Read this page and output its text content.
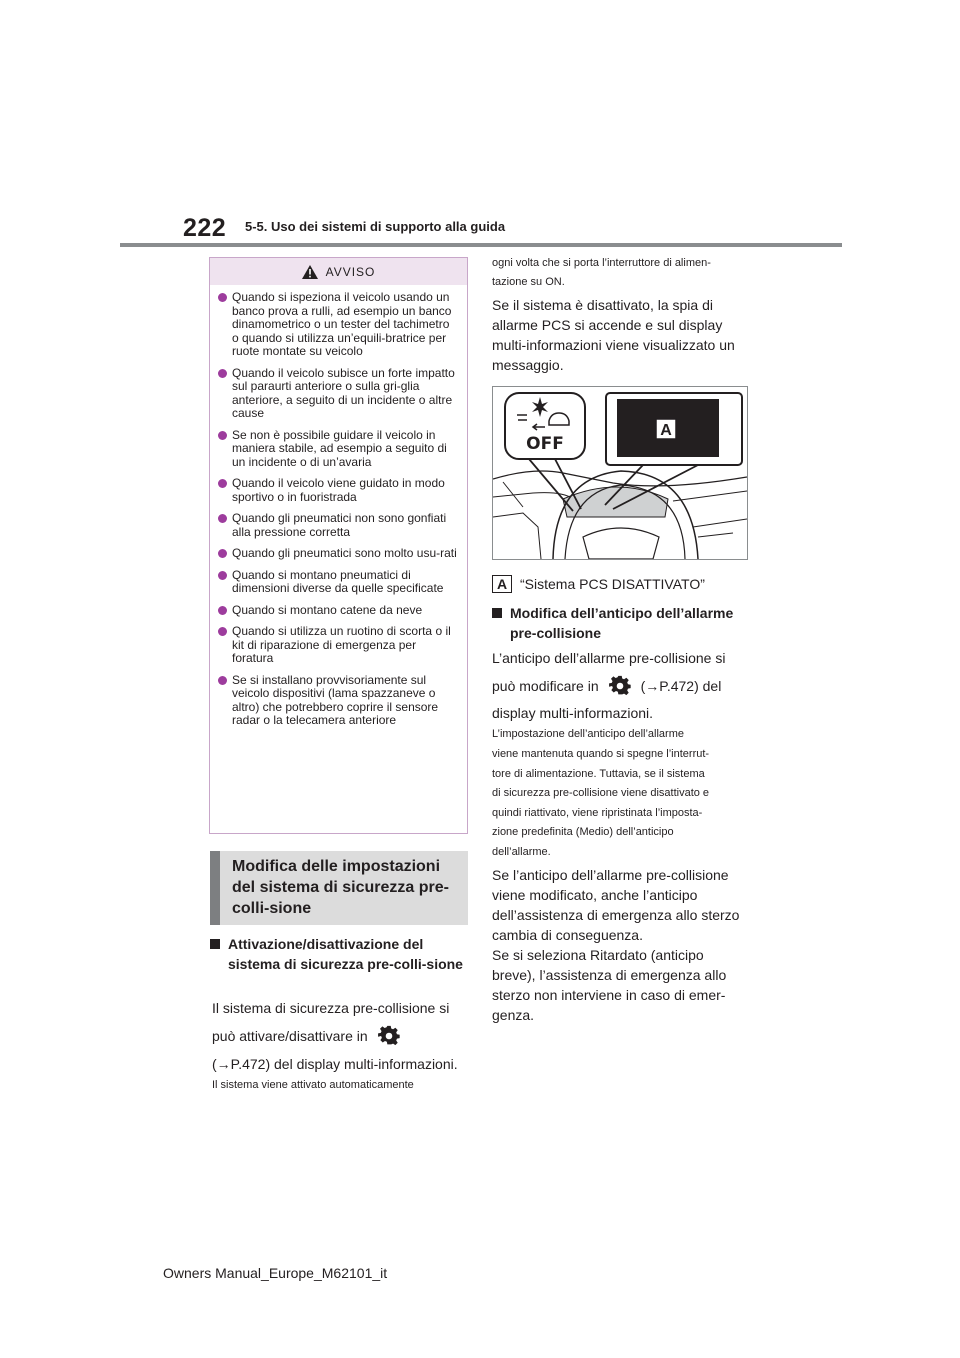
222 5-5. Uso dei sistemi di supporto alla guida
AVVISO
Quando si ispeziona il veicolo usando un banco prova a rulli, ad esempio un banco dinamometrico o un tester del tachimetro o quando si utilizza un’equili-bratrice per ruote montate su veicolo
Quando il veicolo subisce un forte impatto sul paraurti anteriore o sulla gri-glia anteriore, a seguito di un incidente o altre cause
Se non è possibile guidare il veicolo in maniera stabile, ad esempio a seguito di un incidente o di un’avaria
Quando il veicolo viene guidato in modo sportivo o in fuoristrada
Quando gli pneumatici non sono gonfiati alla pressione corretta
Quando gli pneumatici sono molto usu-rati
Quando si montano pneumatici di dimensioni diverse da quelle specificate
Quando si montano catene da neve
Quando si utilizza un ruotino di scorta o il kit di riparazione di emergenza per foratura
Se si installano provvisoriamente sul veicolo dispositivi (lama spazzaneve o altro) che potrebbero coprire il sensore radar o la telecamera anteriore
Modifica delle impostazioni del sistema di sicurezza pre-colli-sione
Attivazione/disattivazione del sistema di sicurezza pre-colli-sione
Il sistema di sicurezza pre-collisione si
può attivare/disattivare in
(→P.472) del display multi-informazioni.
Il sistema viene attivato automaticamente
ogni volta che si porta l’interruttore di alimen-
tazione su ON.
Se il sistema è disattivato, la spia di allarme PCS si accende e sul display multi-informazioni viene visualizzato un messaggio.
OFF
A
A “Sistema PCS DISATTIVATO”
Modifica dell’anticipo dell’allarme pre-collisione
L’anticipo dell’allarme pre-collisione si
può modificare in	(→P.472) del
display multi-informazioni.
L’impostazione dell’anticipo dell’allarme
viene mantenuta quando si spegne l’interrut-
tore di alimentazione. Tuttavia, se il sistema
di sicurezza pre-collisione viene disattivato e
quindi riattivato, viene ripristinata l’imposta-
zione predefinita (Medio) dell’anticipo
dell’allarme.
Se l’anticipo dell’allarme pre-collisione viene modificato, anche l’anticipo dell’assistenza di emergenza allo sterzo cambia di conseguenza.
Se si seleziona Ritardato (anticipo breve), l’assistenza di emergenza allo sterzo non interviene in caso di emer-genza.
Owners Manual_Europe_M62101_it
